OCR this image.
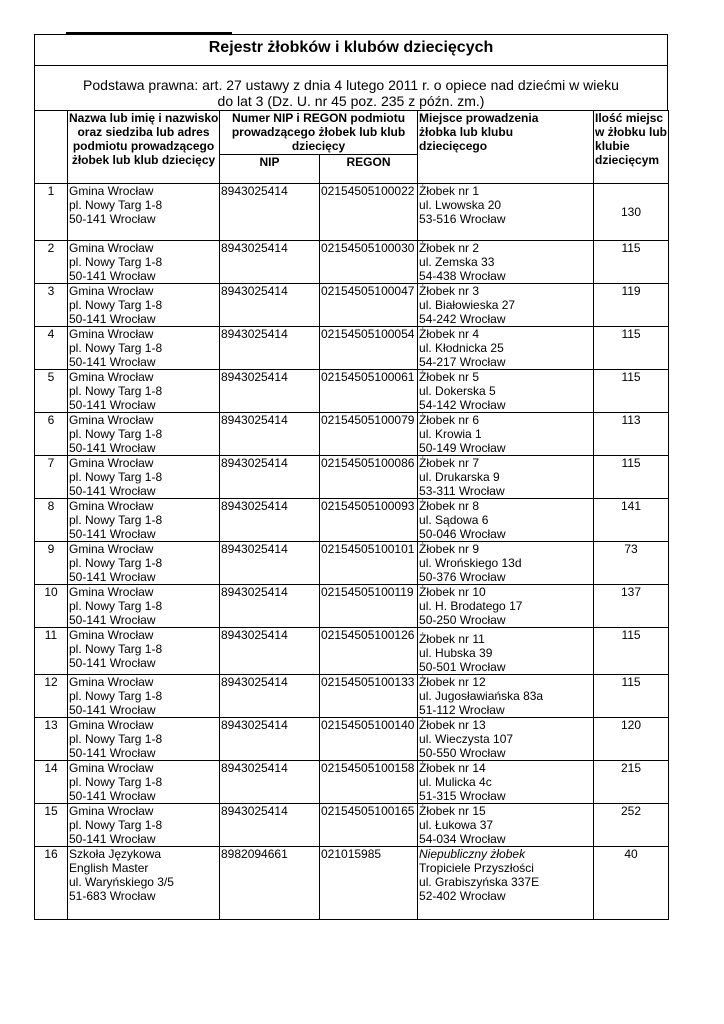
Rejestr żłobków i klubów dziecięcych
Podstawa prawna: art. 27 ustawy z dnia 4 lutego 2011 r. o opiece nad dziećmi w wieku
do lat 3 (Dz. U. nr 45 poz. 235 z późn. zm.)

	Nazwa lub imię i nazwisko
oraz siedziba lub adres
podmiotu prowadzącego
żłobek lub klub dziecięcy	Numer NIP i REGON podmiotu
prowadzącego żłobek lub klub
dziecięcy		Miejsce prowadzenia
żłobka lub klubu
dziecięcego	Ilość miejsc
w żłobku lub
klubie
dziecięcym

		NIP	REGON		
1	Gmina Wrocław
pl. Nowy Targ 1-8
50-141 Wrocław	8943025414	02154505100022	Żłobek nr 1
ul. Lwowska 20
53-516 Wrocław	130
2	Gmina Wrocław
pl. Nowy Targ 1-8
50-141 Wrocław	8943025414	02154505100030	Żłobek nr 2
ul. Zemska 33
54-438 Wrocław	115
3	Gmina Wrocław
pl. Nowy Targ 1-8
50-141 Wrocław	8943025414	02154505100047	Żłobek nr 3
ul. Białowieska 27
54-242 Wrocław	119
4	Gmina Wrocław
pl. Nowy Targ 1-8
50-141 Wrocław	8943025414	02154505100054	Żłobek nr 4
ul. Kłodnicka 25
54-217 Wrocław	115
5	Gmina Wrocław
pl. Nowy Targ 1-8
50-141 Wrocław	8943025414	02154505100061	Żłobek nr 5
ul. Dokerska 5
54-142 Wrocław	115
6	Gmina Wrocław
pl. Nowy Targ 1-8
50-141 Wrocław	8943025414	02154505100079	Żłobek nr 6
ul. Krowia 1
50-149 Wrocław	113
7	Gmina Wrocław
pl. Nowy Targ 1-8
50-141 Wrocław	8943025414	02154505100086	Żłobek nr 7
ul. Drukarska 9
53-311 Wrocław	115
8	Gmina Wrocław
pl. Nowy Targ 1-8
50-141 Wrocław	8943025414	02154505100093	Żłobek nr 8
ul. Sądowa 6
50-046 Wrocław	141
9	Gmina Wrocław
pl. Nowy Targ 1-8
50-141 Wrocław	8943025414	02154505100101	Żłobek nr 9
ul. Wrońskiego 13d
50-376 Wrocław	73
10	Gmina Wrocław
pl. Nowy Targ 1-8
50-141 Wrocław	8943025414	02154505100119	Żłobek nr 10
ul. H. Brodatego 17
50-250 Wrocław	137
11	Gmina Wrocław
pl. Nowy Targ 1-8
50-141 Wrocław	8943025414	02154505100126	Żłobek nr 11
ul. Hubska 39
50-501 Wrocław	115
12	Gmina Wrocław
pl. Nowy Targ 1-8
50-141 Wrocław	8943025414	02154505100133	Żłobek nr 12
ul. Jugosławiańska 83a
51-112 Wrocław	115
13	Gmina Wrocław
pl. Nowy Targ 1-8
50-141 Wrocław	8943025414	02154505100140	Żłobek nr 13
ul. Wieczysta 107
50-550 Wrocław	120
14	Gmina Wrocław
pl. Nowy Targ 1-8
50-141 Wrocław	8943025414	02154505100158	Żłobek nr 14
ul. Mulicka 4c
51-315 Wrocław	215
15	Gmina Wrocław
pl. Nowy Targ 1-8
50-141 Wrocław	8943025414	02154505100165	Żłobek nr 15
ul. Łukowa 37
54-034 Wrocław	252
16	Szkoła Językowa
English Master
ul. Waryńskiego 3/5
51-683 Wrocław	8982094661	021015985	Niepubliczny żłobek
Tropiciele Przyszłości
ul. Grabiszyńska 337E
52-402 Wrocław	40
